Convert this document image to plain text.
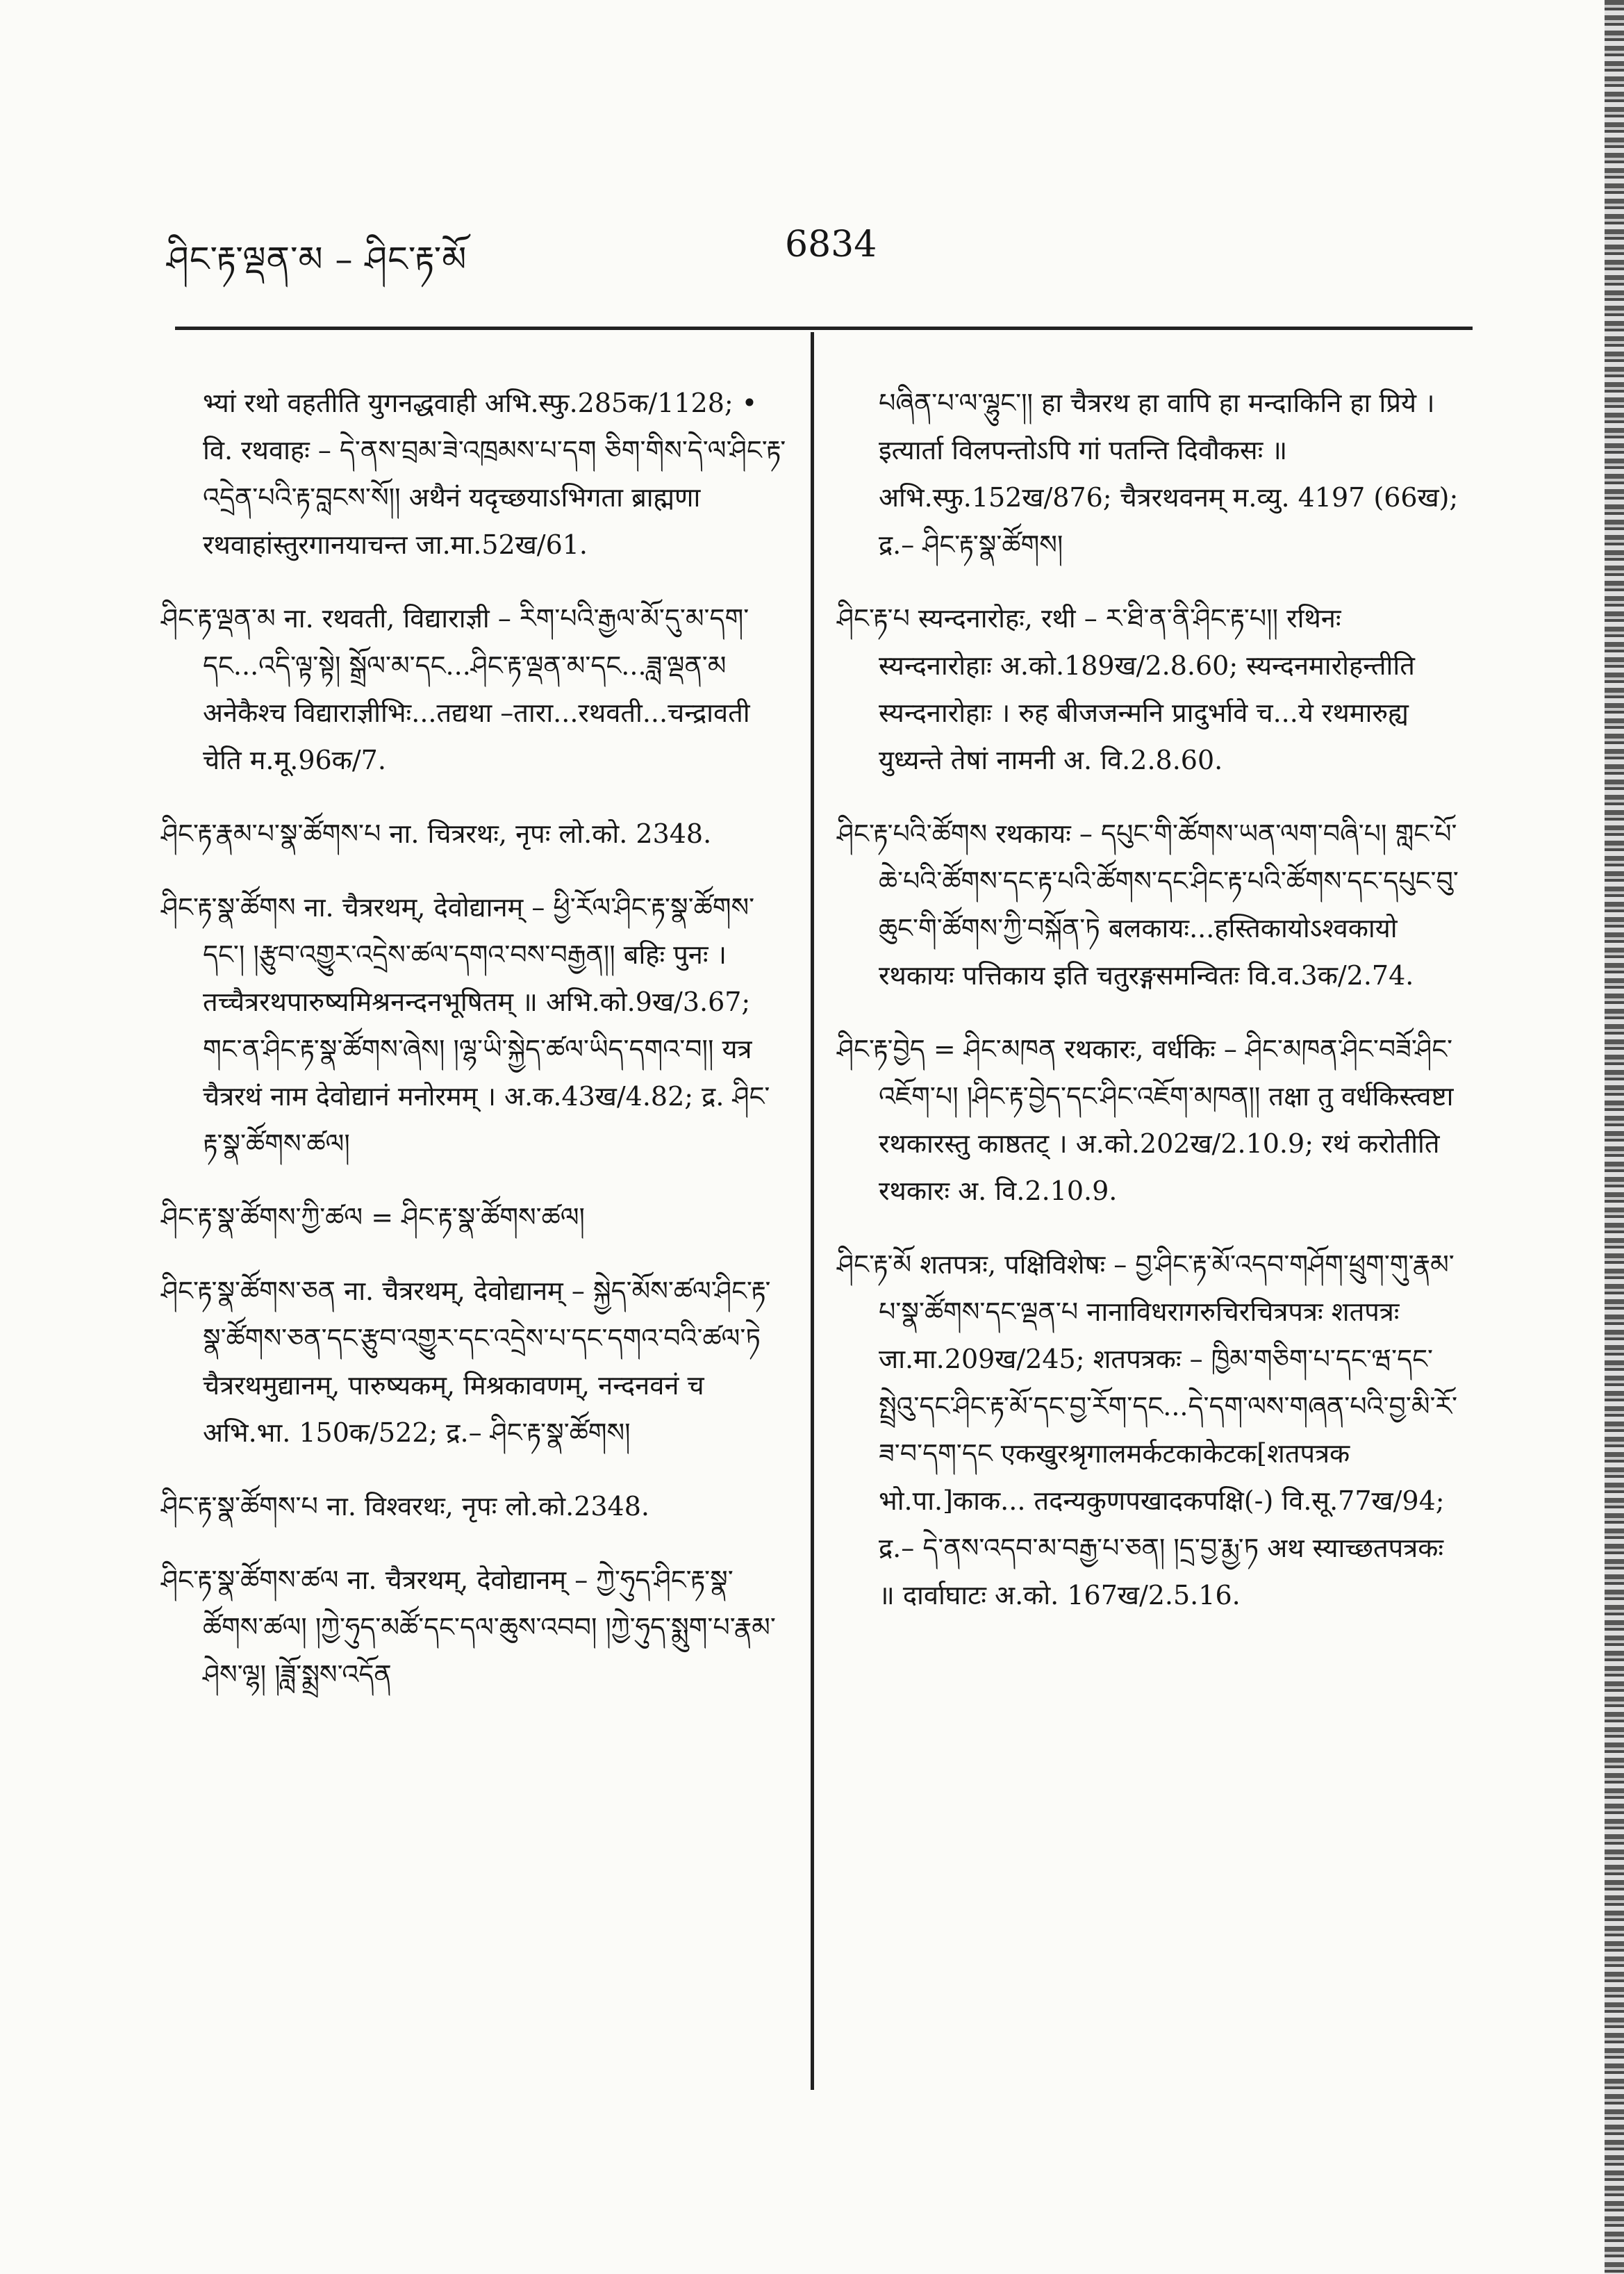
ཤིང་རྟ་ལྡན་མ – ཤིང་རྟ་མོ	6834

भ्यां रथो वहतीति युगनद्धवाही अभि.स्फु.285क/1128; • वि. रथवाहः – དེ་ནས་བྲམ་ཟེ་འཁྲམས་པ་དག ཅིག་གིས་དེ་ལ་ཤིང་རྟ་འདྲེན་པའི་རྟ་བླངས་སོ།། अथैनं यदृच्छयाऽभिगता ब्राह्मणा रथवाहांस्तुरगानयाचन्त जा.मा.52ख/61.

ཤིང་རྟ་ལྡན་མ ना. रथवती, विद्याराज्ञी – རིག་པའི་རྒྱལ་མོ་དུ་མ་དག་དང...འདི་ལྟ་སྟེ། སྒྲོལ་མ་དང...ཤིང་རྟ་ལྡན་མ་དང...ཟླ་ལྡན་མ अनेकैश्च विद्याराज्ञीभिः...तद्यथा –तारा...रथवती...चन्द्रावती चेति म.मू.96क/7.

ཤིང་རྟ་རྣམ་པ་སྣ་ཚོགས་པ ना. चित्ररथः, नृपः लो.को. 2348.

ཤིང་རྟ་སྣ་ཚོགས ना. चैत्ररथम्, देवोद्यानम् – ཕྱི་རོལ་ཤིང་རྟ་སྣ་ཚོགས་དང་། །རྩུབ་འགྱུར་འདྲེས་ཚལ་དགའ་བས་བརྒྱན།། बहिः पुनः । तच्चैत्ररथपारुष्यमिश्रनन्दनभूषितम् ॥ अभि.को.9ख/3.67; གང་ན་ཤིང་རྟ་སྣ་ཚོགས་ཞེས། །ལྷ་ཡི་སྐྱེད་ཚལ་ཡིད་དགའ་བ།། यत्र चैत्ररथं नाम देवोद्यानं मनोरमम् । अ.क.43ख/4.82; द्र. ཤིང་རྟ་སྣ་ཚོགས་ཚལ།

ཤིང་རྟ་སྣ་ཚོགས་ཀྱི་ཚལ = ཤིང་རྟ་སྣ་ཚོགས་ཚལ།

ཤིང་རྟ་སྣ་ཚོགས་ཅན ना. चैत्ररथम्, देवोद्यानम् – སྐྱེད་མོས་ཚལ་ཤིང་རྟ་སྣ་ཚོགས་ཅན་དང་རྩུབ་འགྱུར་དང་འདྲེས་པ་དང་དགའ་བའི་ཚལ་ཏེ चैत्ररथमुद्यानम्, पारुष्यकम्, मिश्रकावणम्, नन्दनवनं च अभि.भा. 150क/522; द्र.– ཤིང་རྟ་སྣ་ཚོགས།

ཤིང་རྟ་སྣ་ཚོགས་པ ना. विश्वरथः, नृपः लो.को.2348.

ཤིང་རྟ་སྣ་ཚོགས་ཚལ ना. चैत्ररथम्, देवोद्यानम् – ཀྱེ་ཧུད་ཤིང་རྟ་སྣ་ཚོགས་ཚལ། །ཀྱེ་ཧུད་མཚོ་དང་དལ་ཆུས་འབབ། །ཀྱེ་ཧུད་སྨུག་པ་རྣམ་ཤེས་ལྷ། །ཟློ་སྨྲས་འདོན

པཞིན་པ་ལ་ལྷུང་།། हा चैत्ररथ हा वापि हा मन्दाकिनि हा प्रिये । इत्यार्ता विलपन्तोऽपि गां पतन्ति दिवौकसः ॥ अभि.स्फु.152ख/876; चैत्ररथवनम् म.व्यु. 4197 (66ख); द्र.– ཤིང་རྟ་སྣ་ཚོགས།

ཤིང་རྟ་པ स्यन्दनारोहः, रथी – ར་ཐི་ན་ནི་ཤིང་རྟ་པ།། रथिनः स्यन्दनारोहाः अ.को.189ख/2.8.60; स्यन्दनमारोहन्तीति स्यन्दनारोहाः । रुह बीजजन्मनि प्रादुर्भावे च...ये रथमारुह्य युध्यन्ते तेषां नामनी अ. वि.2.8.60.

ཤིང་རྟ་པའི་ཚོགས रथकायः – དཔུང་གི་ཚོགས་ཡན་ལག་བཞི་པ། གླང་པོ་ཆེ་པའི་ཚོགས་དང་རྟ་པའི་ཚོགས་དང་ཤིང་རྟ་པའི་ཚོགས་དང་དཔུང་བུ་ཆུང་གི་ཚོགས་ཀྱི་བསྐོན་ཏེ बलकायः...हस्तिकायोऽश्वकायो रथकायः पत्तिकाय इति चतुरङ्गसमन्वितः वि.व.3क/2.74.

ཤིང་རྟ་བྱེད = ཤིང་མཁན रथकारः, वर्धकिः – ཤིང་མཁན་ཤིང་བཟོ་ཤིང་འཇོག་པ། །ཤིང་རྟ་བྱེད་དང་ཤིང་འཇོག་མཁན།། तक्षा तु वर्धकिस्त्वष्टा रथकारस्तु काष्ठतट् । अ.को.202ख/2.10.9; रथं करोतीति रथकारः अ. वि.2.10.9.

ཤིང་རྟ་མོ शतपत्रः, पक्षिविशेषः – བྱ་ཤིང་རྟ་མོ་འདབ་གཤོག་ཕྲུག་གུ་རྣམ་པ་སྣ་ཚོགས་དང་ལྡན་པ नानाविधरागरुचिरचित्रपत्रः शतपत्रः जा.मा.209ख/245; शतपत्रकः – ཁྱིམ་གཅིག་པ་དང་ཝ་དང་སྤྲེའུ་དང་ཤིང་རྟ་མོ་དང་བྱ་རོག་དང...དེ་དག་ལས་གཞན་པའི་བྱ་མི་རོ་ཟ་བ་དག་དང एकखुरश्रृगालमर्कटकाकेटक[शतपत्रक भो.पा.]काक... तदन्यकुणपखादकपक्षि(-) वि.सू.77ख/94; द्र.– དེ་ནས་འདབ་མ་བརྒྱ་པ་ཅན། །དྲ་བྱ་རྨྱ་ཏ अथ स्याच्छतपत्रकः ॥ दार्वाघाटः अ.को. 167ख/2.5.16.
